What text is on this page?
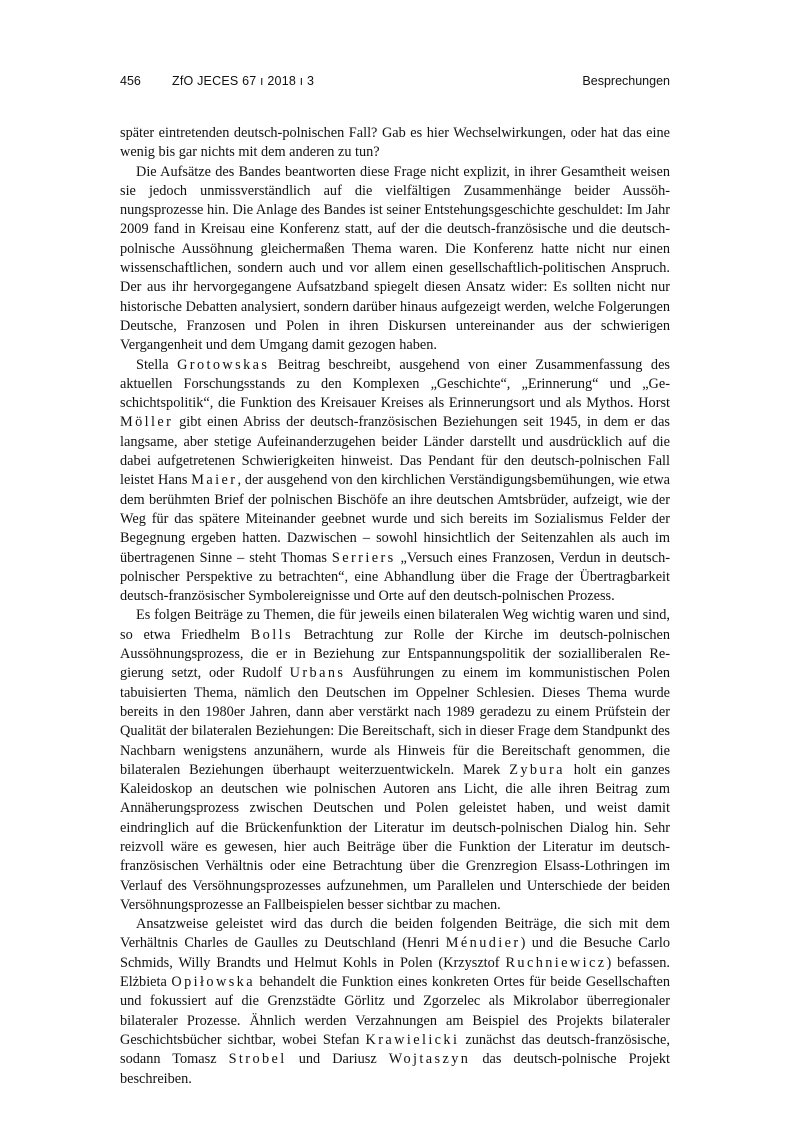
456 ZfO JECES 67 ı 2018 ı 3	Besprechungen

später eintretenden deutsch-polnischen Fall? Gab es hier Wechselwirkungen, oder hat das eine wenig bis gar nichts mit dem anderen zu tun?

Die Aufsätze des Bandes beantworten diese Frage nicht explizit, in ihrer Gesamtheit weisen sie jedoch unmissverständlich auf die vielfältigen Zusammenhänge beider Aussöhnungsprozesse hin. Die Anlage des Bandes ist seiner Entstehungsgeschichte geschuldet: Im Jahr 2009 fand in Kreisau eine Konferenz statt, auf der die deutsch-französische und die deutsch-polnische Aussöhnung gleichermaßen Thema waren. Die Konferenz hatte nicht nur einen wissenschaftlichen, sondern auch und vor allem einen gesellschaftlich-politischen Anspruch. Der aus ihr hervorgegangene Aufsatzband spiegelt diesen Ansatz wider: Es sollten nicht nur historische Debatten analysiert, sondern darüber hinaus aufgezeigt werden, welche Folgerungen Deutsche, Franzosen und Polen in ihren Diskursen untereinander aus der schwierigen Vergangenheit und dem Umgang damit gezogen haben.

Stella Grotowskas Beitrag beschreibt, ausgehend von einer Zusammenfassung des aktuellen Forschungsstands zu den Komplexen „Geschichte“, „Erinnerung“ und „Geschichtspolitik“, die Funktion des Kreisauer Kreises als Erinnerungsort und als Mythos. Horst Möller gibt einen Abriss der deutsch-französischen Beziehungen seit 1945, in dem er das langsame, aber stetige Aufeinanderzugehen beider Länder darstellt und ausdrücklich auf die dabei aufgetretenen Schwierigkeiten hinweist. Das Pendant für den deutsch-polnischen Fall leistet Hans Maier, der ausgehend von den kirchlichen Verständigungsbemühungen, wie etwa dem berühmten Brief der polnischen Bischöfe an ihre deutschen Amtsbrüder, aufzeigt, wie der Weg für das spätere Miteinander geebnet wurde und sich bereits im Sozialismus Felder der Begegnung ergeben hatten. Dazwischen – sowohl hinsichtlich der Seitenzahlen als auch im übertragenen Sinne – steht Thomas Serriers „Versuch eines Franzosen, Verdun in deutsch-polnischer Perspektive zu betrachten“, eine Abhandlung über die Frage der Übertragbarkeit deutsch-französischer Symbolereignisse und Orte auf den deutsch-polnischen Prozess.

Es folgen Beiträge zu Themen, die für jeweils einen bilateralen Weg wichtig waren und sind, so etwa Friedhelm Bolls Betrachtung zur Rolle der Kirche im deutsch-polnischen Aussöhnungsprozess, die er in Beziehung zur Entspannungspolitik der sozialliberalen Regierung setzt, oder Rudolf Urbans Ausführungen zu einem im kommunistischen Polen tabuisierten Thema, nämlich den Deutschen im Oppelner Schlesien. Dieses Thema wurde bereits in den 1980er Jahren, dann aber verstärkt nach 1989 geradezu zu einem Prüfstein der Qualität der bilateralen Beziehungen: Die Bereitschaft, sich in dieser Frage dem Standpunkt des Nachbarn wenigstens anzunähern, wurde als Hinweis für die Bereitschaft genommen, die bilateralen Beziehungen überhaupt weiterzuentwickeln. Marek Zybura holt ein ganzes Kaleidoskop an deutschen wie polnischen Autoren ans Licht, die alle ihren Beitrag zum Annäherungsprozess zwischen Deutschen und Polen geleistet haben, und weist damit eindringlich auf die Brückenfunktion der Literatur im deutsch-polnischen Dialog hin. Sehr reizvoll wäre es gewesen, hier auch Beiträge über die Funktion der Literatur im deutsch-französischen Verhältnis oder eine Betrachtung über die Grenzregion Elsass-Lothringen im Verlauf des Versöhnungsprozesses aufzunehmen, um Parallelen und Unterschiede der beiden Versöhnungsprozesse an Fallbeispielen besser sichtbar zu machen.

Ansatzweise geleistet wird das durch die beiden folgenden Beiträge, die sich mit dem Verhältnis Charles de Gaulles zu Deutschland (Henri Ménudier) und die Besuche Carlo Schmids, Willy Brandts und Helmut Kohls in Polen (Krzysztof Ruchniewicz) befassen. Elżbieta Opiłowska behandelt die Funktion eines konkreten Ortes für beide Gesellschaften und fokussiert auf die Grenzstädte Görlitz und Zgorzelec als Mikrolabor überregionaler bilateraler Prozesse. Ähnlich werden Verzahnungen am Beispiel des Projekts bilateraler Geschichtsbücher sichtbar, wobei Stefan Krawielicki zunächst das deutsch-französische, sodann Tomasz Strobel und Dariusz Wojtaszyn das deutsch-polnische Projekt beschreiben.
